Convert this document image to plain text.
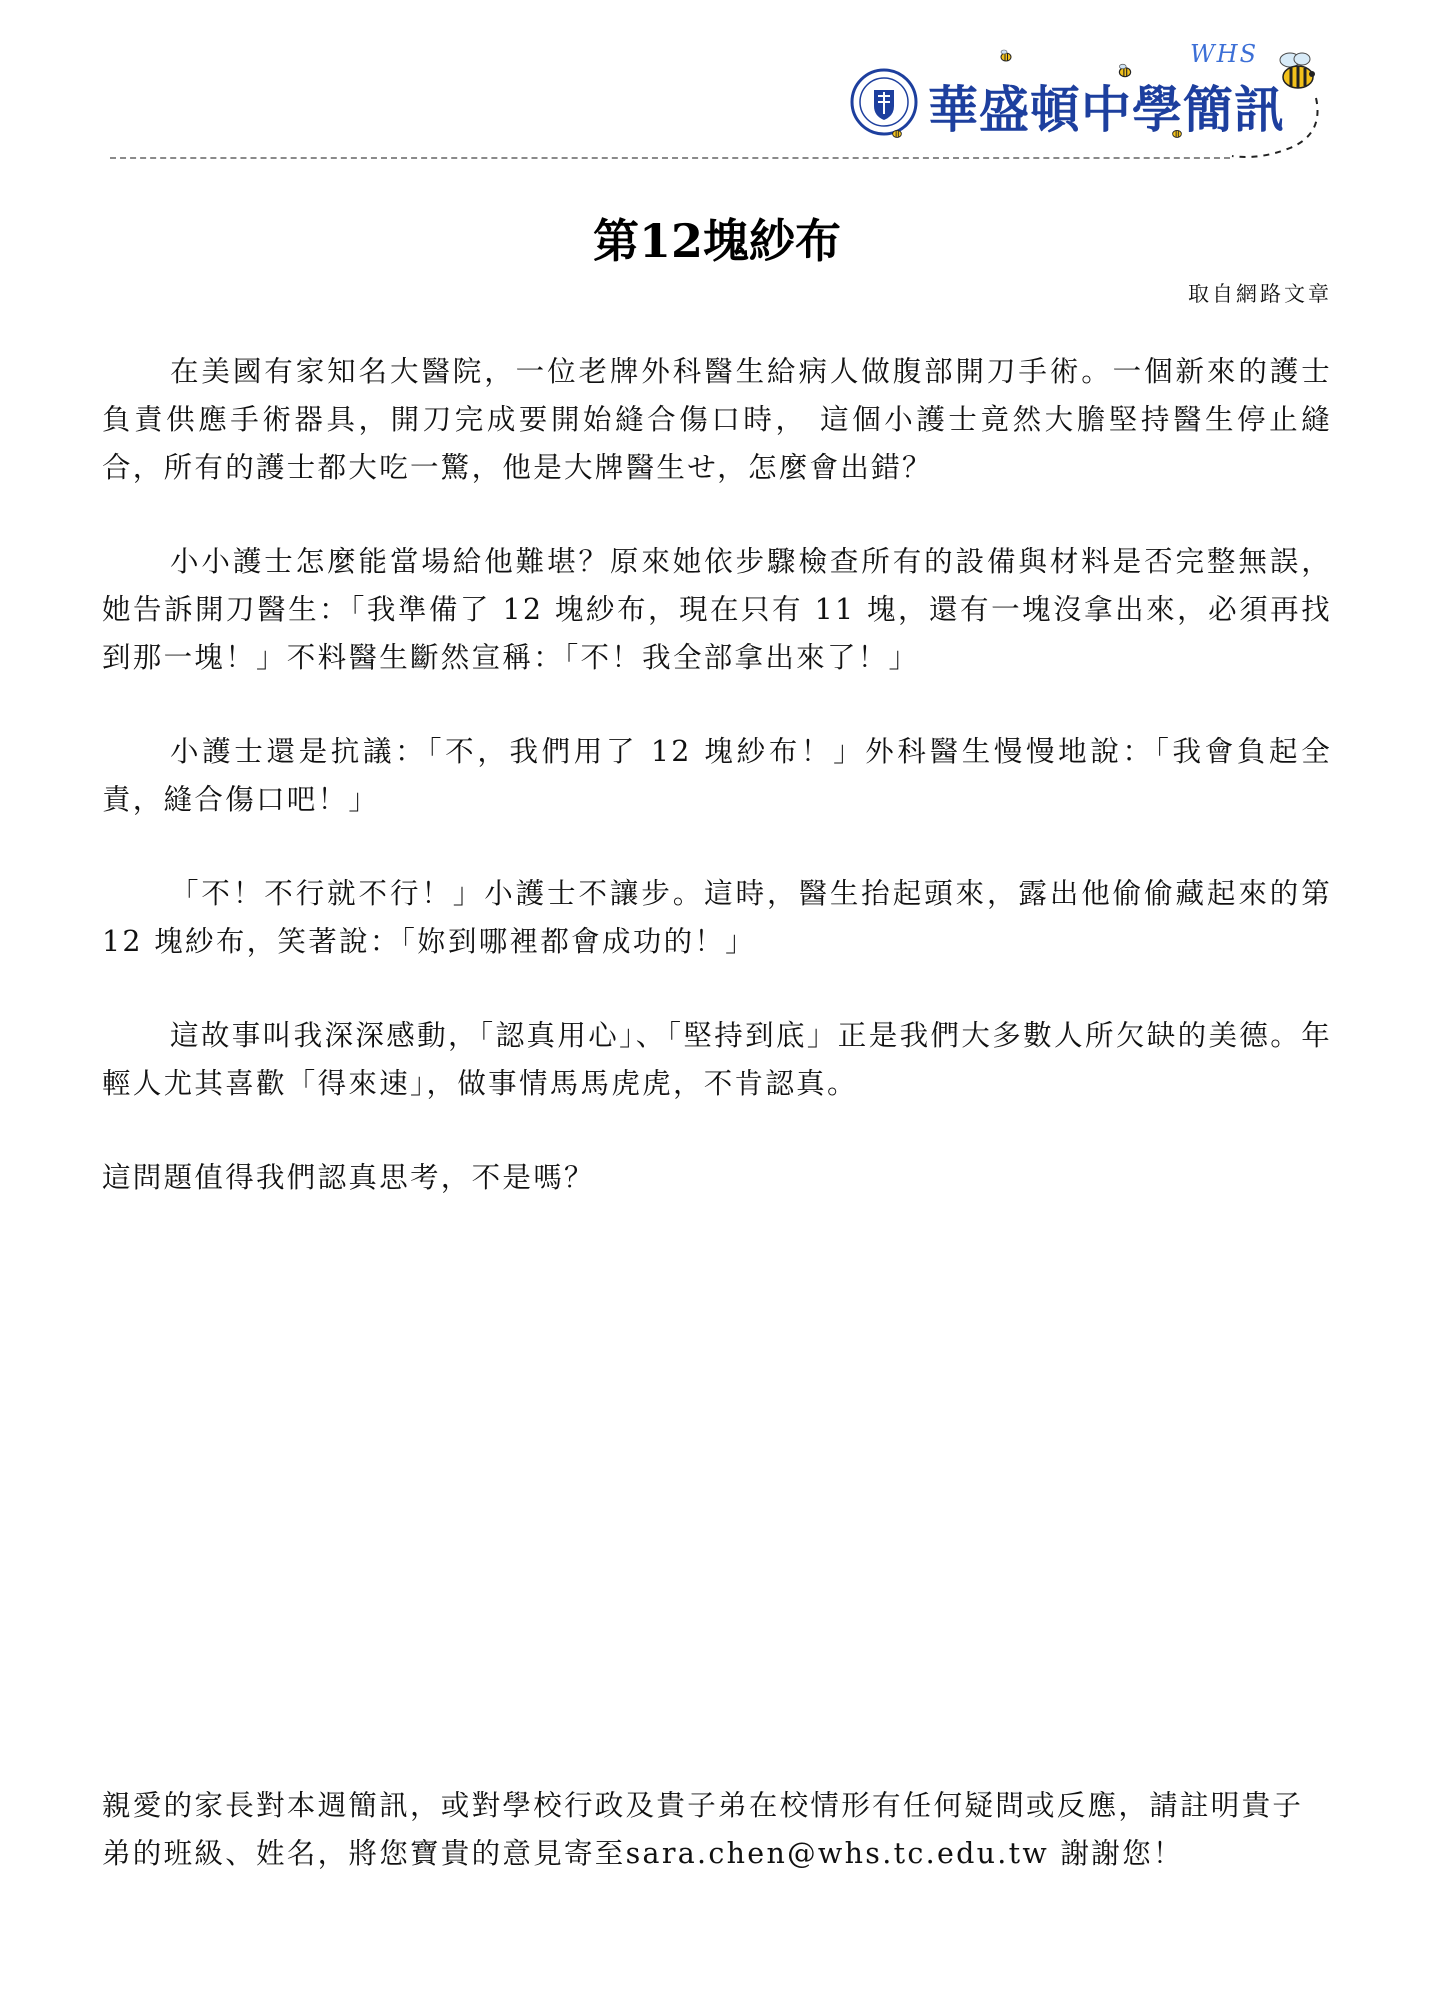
WHS
華盛頓中學簡訊
第12塊紗布
取自網路文章

在美國有家知名大醫院，一位老牌外科醫生給病人做腹部開刀手術。一個新來的護士負責供應手術器具，開刀完成要開始縫合傷口時， 這個小護士竟然大膽堅持醫生停止縫合，所有的護士都大吃一驚，他是大牌醫生せ，怎麼會出錯？

小小護士怎麼能當場給他難堪？原來她依步驟檢查所有的設備與材料是否完整無誤，她告訴開刀醫生：「我準備了 12 塊紗布，現在只有 11 塊，還有一塊沒拿出來，必須再找到那一塊！」不料醫生斷然宣稱：「不！我全部拿出來了！」

小護士還是抗議：「不，我們用了 12 塊紗布！」外科醫生慢慢地說：「我會負起全責，縫合傷口吧！」

「不！不行就不行！」小護士不讓步。這時，醫生抬起頭來，露出他偷偷藏起來的第 12 塊紗布，笑著說：「妳到哪裡都會成功的！」

這故事叫我深深感動，「認真用心」、「堅持到底」正是我們大多數人所欠缺的美德。年輕人尤其喜歡「得來速」，做事情馬馬虎虎，不肯認真。

這問題值得我們認真思考，不是嗎？

親愛的家長對本週簡訊，或對學校行政及貴子弟在校情形有任何疑問或反應，請註明貴子弟的班級、姓名，將您寶貴的意見寄至sara.chen@whs.tc.edu.tw 謝謝您！
